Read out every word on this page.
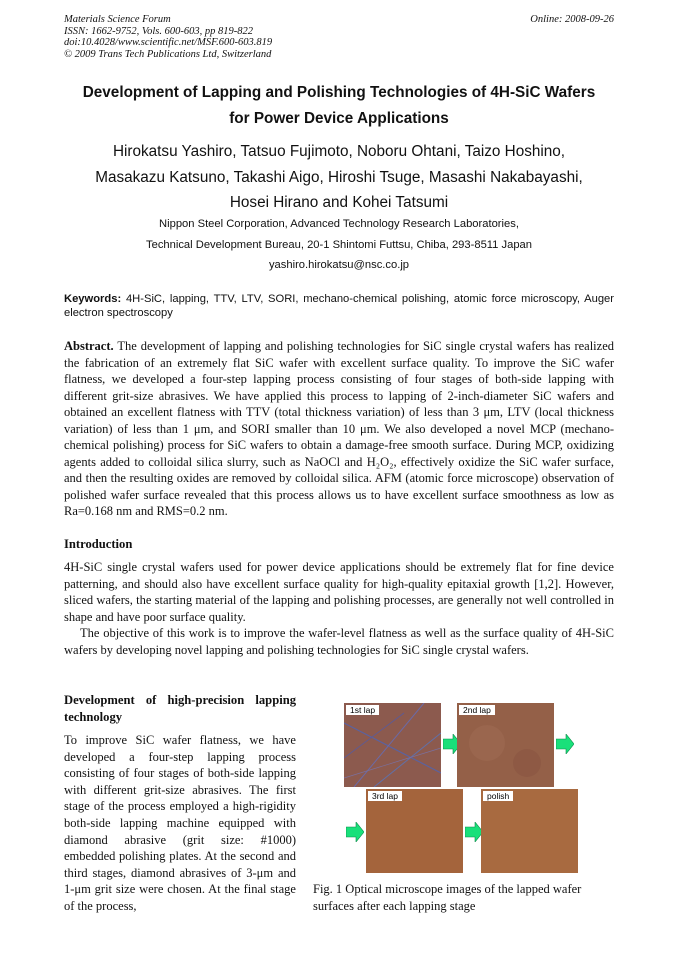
Materials Science Forum
ISSN: 1662-9752, Vols. 600-603, pp 819-822
doi:10.4028/www.scientific.net/MSF.600-603.819
© 2009 Trans Tech Publications Ltd, Switzerland
Online: 2008-09-26
Development of Lapping and Polishing Technologies of 4H-SiC Wafers
for Power Device Applications
Hirokatsu Yashiro, Tatsuo Fujimoto, Noboru Ohtani, Taizo Hoshino,
Masakazu Katsuno, Takashi Aigo, Hiroshi Tsuge, Masashi Nakabayashi,
Hosei Hirano and Kohei Tatsumi
Nippon Steel Corporation, Advanced Technology Research Laboratories,
Technical Development Bureau, 20-1 Shintomi Futtsu, Chiba, 293-8511 Japan
yashiro.hirokatsu@nsc.co.jp
Keywords: 4H-SiC, lapping, TTV, LTV, SORI, mechano-chemical polishing, atomic force microscopy, Auger electron spectroscopy
Abstract. The development of lapping and polishing technologies for SiC single crystal wafers has realized the fabrication of an extremely flat SiC wafer with excellent surface quality. To improve the SiC wafer flatness, we developed a four-step lapping process consisting of four stages of both-side lapping with different grit-size abrasives. We have applied this process to lapping of 2-inch-diameter SiC wafers and obtained an excellent flatness with TTV (total thickness variation) of less than 3 μm, LTV (local thickness variation) of less than 1 μm, and SORI smaller than 10 μm. We also developed a novel MCP (mechano-chemical polishing) process for SiC wafers to obtain a damage-free smooth surface. During MCP, oxidizing agents added to colloidal silica slurry, such as NaOCl and H₂O₂, effectively oxidize the SiC wafer surface, and then the resulting oxides are removed by colloidal silica. AFM (atomic force microscope) observation of polished wafer surface revealed that this process allows us to have excellent surface smoothness as low as Ra=0.168 nm and RMS=0.2 nm.
Introduction
4H-SiC single crystal wafers used for power device applications should be extremely flat for fine device patterning, and should also have excellent surface quality for high-quality epitaxial growth [1,2]. However, sliced wafers, the starting material of the lapping and polishing processes, are generally not well controlled in shape and have poor surface quality.
The objective of this work is to improve the wafer-level flatness as well as the surface quality of 4H-SiC wafers by developing novel lapping and polishing technologies for SiC single crystal wafers.
Development of high-precision lapping technology
To improve SiC wafer flatness, we have developed a four-step lapping process consisting of four stages of both-side lapping with different grit-size abrasives. The first stage of the process employed a high-rigidity both-side lapping machine equipped with diamond abrasive (grit size: #1000) embedded polishing plates. At the second and third stages, diamond abrasives of 3-μm and 1-μm grit size were chosen. At the final stage of the process,
1st lap	2nd lap
3rd lap	polish
Fig. 1 Optical microscope images of the lapped wafer surfaces after each lapping stage
